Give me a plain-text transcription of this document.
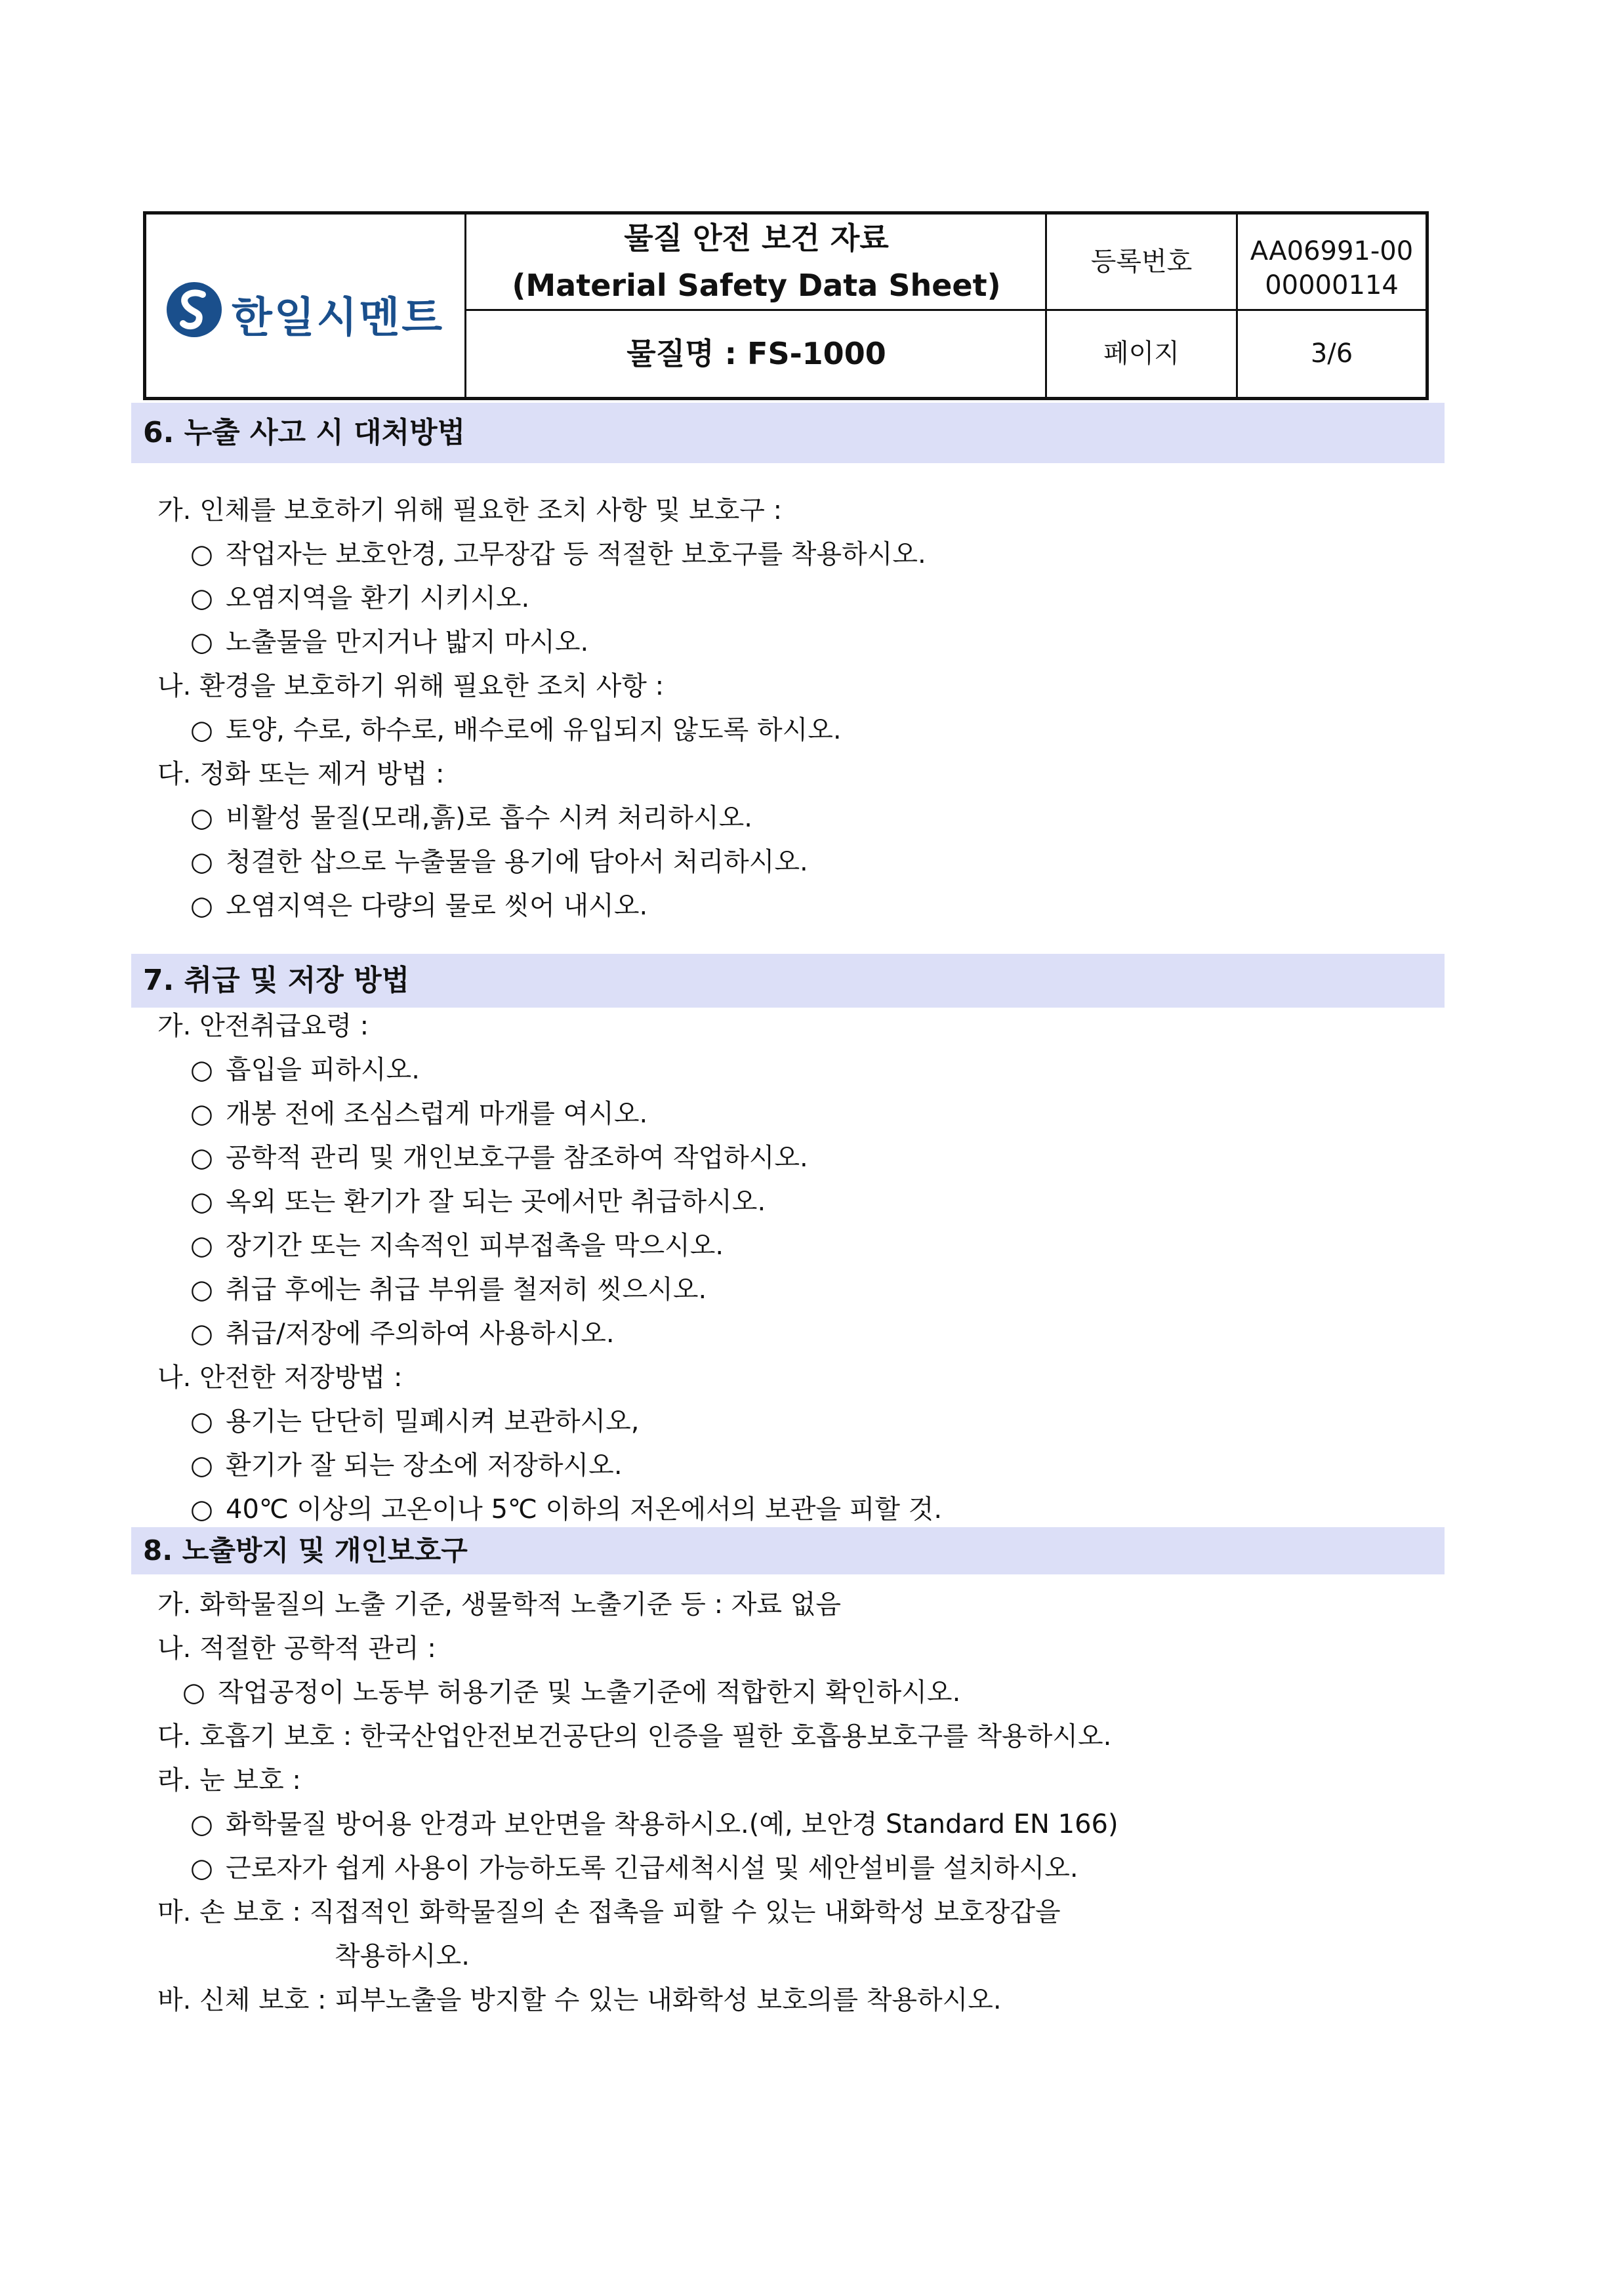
한일시멘트
물질 안전 보건 자료
(Material Safety Data Sheet)
물질명 : FS-1000
등록번호	AA06991-00
00000114
페이지	3/6
6. 누출 사고 시 대처방법
가. 인체를 보호하기 위해 필요한 조치 사항 및 보호구 :
○ 작업자는 보호안경, 고무장갑 등 적절한 보호구를 착용하시오.
○ 오염지역을 환기 시키시오.
○ 노출물을 만지거나 밟지 마시오.
나. 환경을 보호하기 위해 필요한 조치 사항 :
○ 토양, 수로, 하수로, 배수로에 유입되지 않도록 하시오.
다. 정화 또는 제거 방법 :
○ 비활성 물질(모래,흙)로 흡수 시켜 처리하시오.
○ 청결한 삽으로 누출물을 용기에 담아서 처리하시오.
○ 오염지역은 다량의 물로 씻어 내시오.
7. 취급 및 저장 방법
가. 안전취급요령 :
○ 흡입을 피하시오.
○ 개봉 전에 조심스럽게 마개를 여시오.
○ 공학적 관리 및 개인보호구를 참조하여 작업하시오.
○ 옥외 또는 환기가 잘 되는 곳에서만 취급하시오.
○ 장기간 또는 지속적인 피부접촉을 막으시오.
○ 취급 후에는 취급 부위를 철저히 씻으시오.
○ 취급/저장에 주의하여 사용하시오.
나. 안전한 저장방법 :
○ 용기는 단단히 밀폐시켜 보관하시오,
○ 환기가 잘 되는 장소에 저장하시오.
○ 40℃ 이상의 고온이나 5℃ 이하의 저온에서의 보관을 피할 것.
8. 노출방지 및 개인보호구
가. 화학물질의 노출 기준, 생물학적 노출기준 등 : 자료 없음
나. 적절한 공학적 관리 :
○ 작업공정이 노동부 허용기준 및 노출기준에 적합한지 확인하시오.
다. 호흡기 보호 : 한국산업안전보건공단의 인증을 필한 호흡용보호구를 착용하시오.
라. 눈 보호 :
○ 화학물질 방어용 안경과 보안면을 착용하시오.(예, 보안경 Standard EN 166)
○ 근로자가 쉽게 사용이 가능하도록 긴급세척시설 및 세안설비를 설치하시오.
마. 손 보호 : 직접적인 화학물질의 손 접촉을 피할 수 있는 내화학성 보호장갑을
착용하시오.
바. 신체 보호 : 피부노출을 방지할 수 있는 내화학성 보호의를 착용하시오.
